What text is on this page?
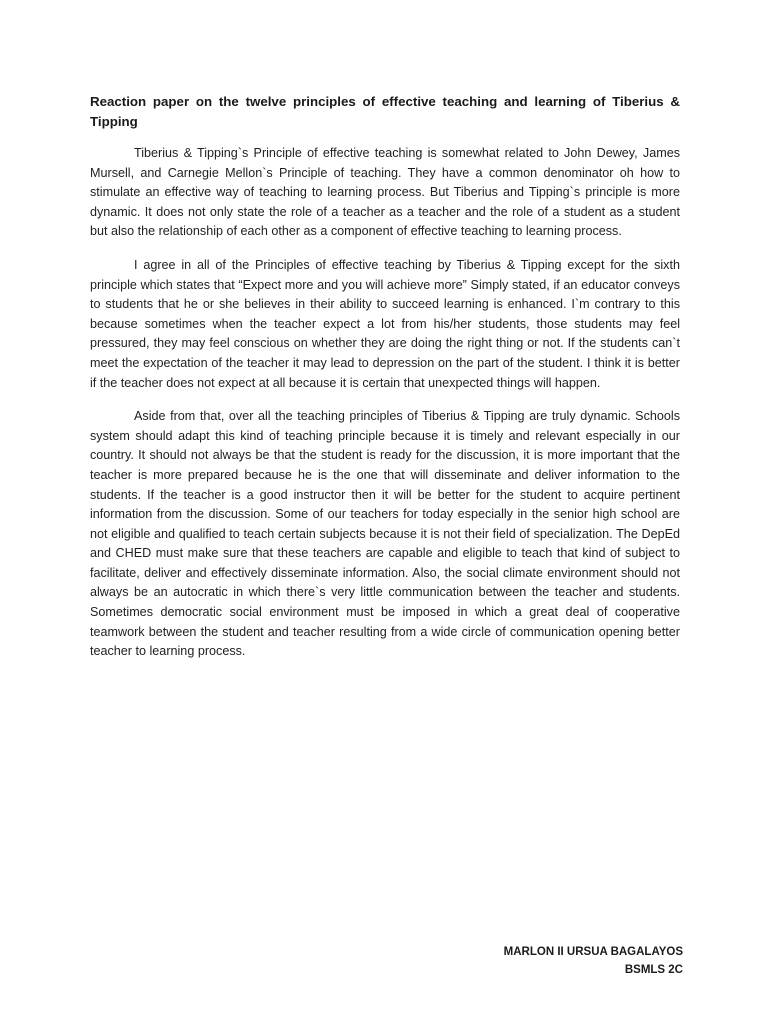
Reaction paper on the twelve principles of effective teaching and learning of Tiberius & Tipping

Tiberius & Tipping`s Principle of effective teaching is somewhat related to John Dewey, James Mursell, and Carnegie Mellon`s Principle of teaching. They have a common denominator oh how to stimulate an effective way of teaching to learning process. But Tiberius and Tipping`s principle is more dynamic. It does not only state the role of a teacher as a teacher and the role of a student as a student but also the relationship of each other as a component of effective teaching to learning process.

I agree in all of the Principles of effective teaching by Tiberius & Tipping except for the sixth principle which states that “Expect more and you will achieve more” Simply stated, if an educator conveys to students that he or she believes in their ability to succeed learning is enhanced. I`m contrary to this because sometimes when the teacher expect a lot from his/her students, those students may feel pressured, they may feel conscious on whether they are doing the right thing or not. If the students can`t meet the expectation of the teacher it may lead to depression on the part of the student. I think it is better if the teacher does not expect at all because it is certain that unexpected things will happen.

Aside from that, over all the teaching principles of Tiberius & Tipping are truly dynamic. Schools system should adapt this kind of teaching principle because it is timely and relevant especially in our country. It should not always be that the student is ready for the discussion, it is more important that the teacher is more prepared because he is the one that will disseminate and deliver information to the students. If the teacher is a good instructor then it will be better for the student to acquire pertinent information from the discussion. Some of our teachers for today especially in the senior high school are not eligible and qualified to teach certain subjects because it is not their field of specialization. The DepEd and CHED must make sure that these teachers are capable and eligible to teach that kind of subject to facilitate, deliver and effectively disseminate information. Also, the social climate environment should not always be an autocratic in which there`s very little communication between the teacher and students. Sometimes democratic social environment must be imposed in which a great deal of cooperative teamwork between the student and teacher resulting from a wide circle of communication opening better teacher to learning process.

MARLON II URSUA BAGALAYOS
BSMLS 2C
